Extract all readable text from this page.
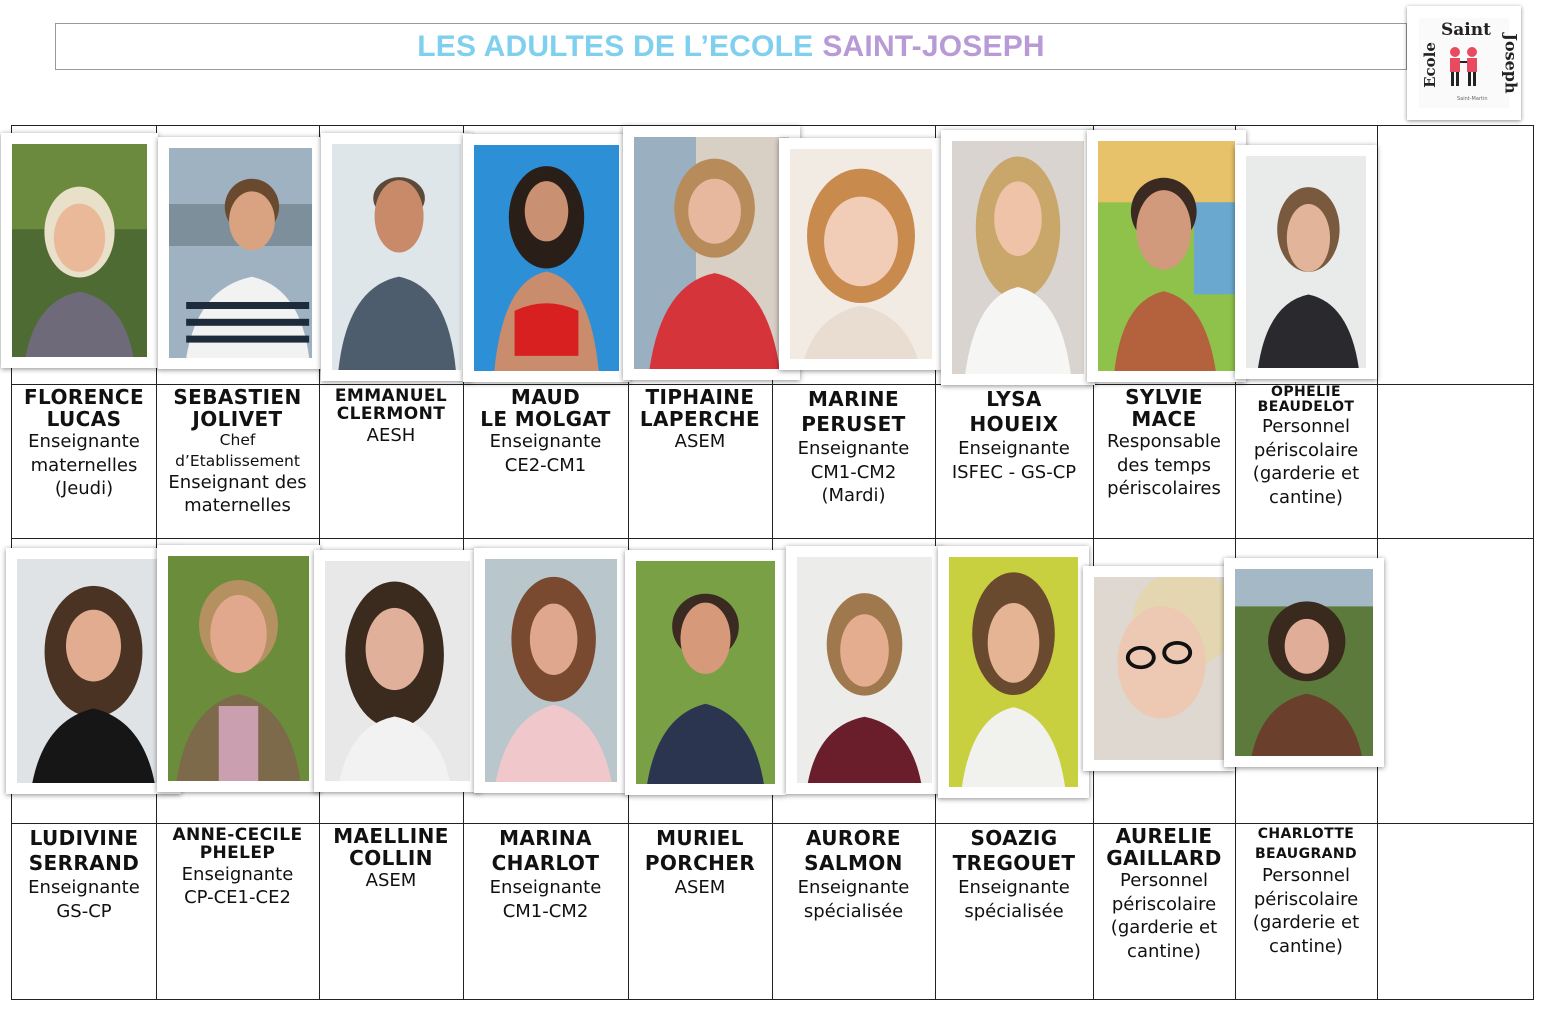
LES ADULTES DE L’ECOLE SAINT-JOSEPH	Saint
Ecole	Joseph
Saint-Martin
FLORENCE
LUCAS
Enseignante
maternelles
(Jeudi)
SEBASTIEN
JOLIVET
Chef
d’Etablissement
Enseignant des
maternelles
EMMANUEL
CLERMONT
AESH
MAUD
LE MOLGAT
Enseignante
CE2-CM1
TIPHAINE
LAPERCHE
ASEM
MARINE
PERUSET
Enseignante
CM1-CM2
(Mardi)
LYSA
HOUEIX
Enseignante
ISFEC - GS-CP
SYLVIE
MACE
Responsable
des temps
périscolaires
OPHELIE
BEAUDELOT
Personnel
périscolaire
(garderie et
cantine)
LUDIVINE
SERRAND
Enseignante
GS-CP
ANNE-CECILE
PHELEP
Enseignante
CP-CE1-CE2
MAELLINE
COLLIN
ASEM
MARINA
CHARLOT
Enseignante
CM1-CM2
MURIEL
PORCHER
ASEM
AURORE
SALMON
Enseignante
spécialisée
SOAZIG
TREGOUET
Enseignante
spécialisée
AURELIE
GAILLARD
Personnel
périscolaire
(garderie et
cantine)
CHARLOTTE
BEAUGRAND
Personnel
périscolaire
(garderie et
cantine)
